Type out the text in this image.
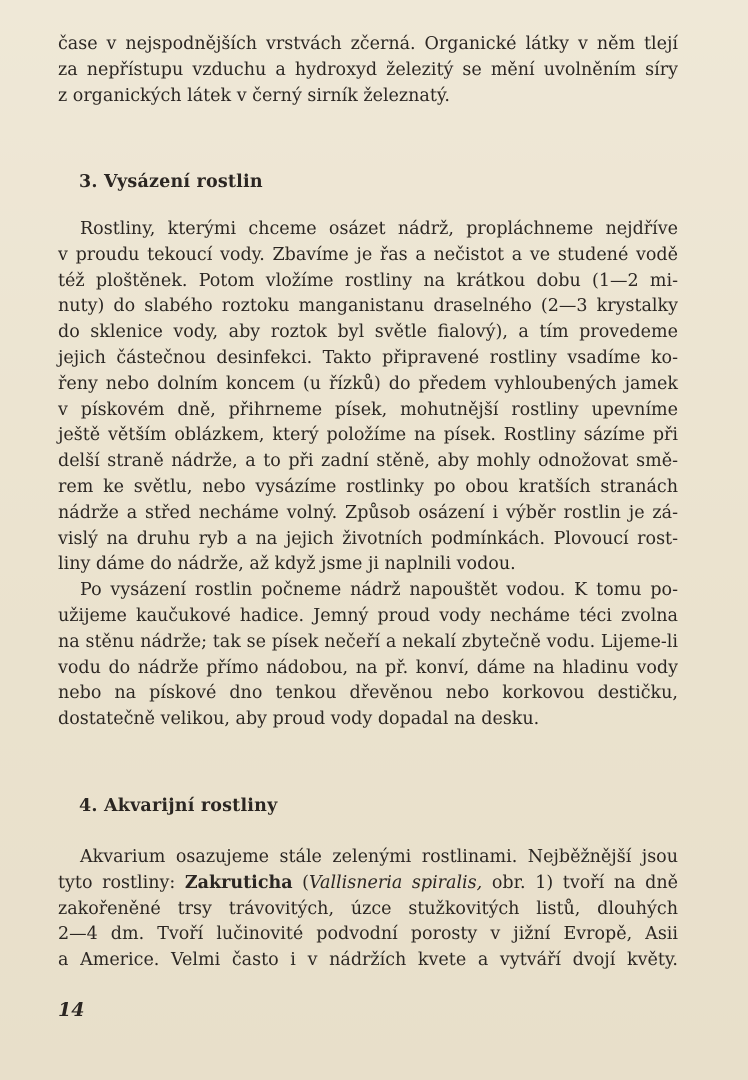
čase v nejspodnějších vrstvách zčerná. Organické látky v něm tlejí
za nepřístupu vzduchu a hydroxyd železitý se mění uvolněním síry
z organických látek v černý sirník železnatý.
3. Vysázení rostlin
Rostliny, kterými chceme osázet nádrž, propláchneme nejdříve
v proudu tekoucí vody. Zbavíme je řas a nečistot a ve studené vodě
též ploštěnek. Potom vložíme rostliny na krátkou dobu (1—2 mi-
nuty) do slabého roztoku manganistanu draselného (2—3 krystalky
do sklenice vody, aby roztok byl světle fialový), a tím provedeme
jejich částečnou desinfekci. Takto připravené rostliny vsadíme ko-
řeny nebo dolním koncem (u řízků) do předem vyhloubených jamek
v pískovém dně, přihrneme písek, mohutnější rostliny upevníme
ještě větším oblázkem, který položíme na písek. Rostliny sázíme při
delší straně nádrže, a to při zadní stěně, aby mohly odnožovat smě-
rem ke světlu, nebo vysázíme rostlinky po obou kratších stranách
nádrže a střed necháme volný. Způsob osázení i výběr rostlin je zá-
vislý na druhu ryb a na jejich životních podmínkách. Plovoucí rost-
liny dáme do nádrže, až když jsme ji naplnili vodou.
Po vysázení rostlin počneme nádrž napouštět vodou. K tomu po-
užijeme kaučukové hadice. Jemný proud vody necháme téci zvolna
na stěnu nádrže; tak se písek nečeří a nekalí zbytečně vodu. Lijeme-li
vodu do nádrže přímo nádobou, na př. konví, dáme na hladinu vody
nebo na pískové dno tenkou dřevěnou nebo korkovou destičku,
dostatečně velikou, aby proud vody dopadal na desku.
4. Akvarijní rostliny
Akvarium osazujeme stále zelenými rostlinami. Nejběžnější jsou
tyto rostliny: Zakruticha (Vallisneria spiralis, obr. 1) tvoří na dně
zakořeněné trsy trávovitých, úzce stužkovitých listů, dlouhých
2—4 dm. Tvoří lučinovité podvodní porosty v jižní Evropě, Asii
a Americe. Velmi často i v nádržích kvete a vytváří dvojí květy.
14
